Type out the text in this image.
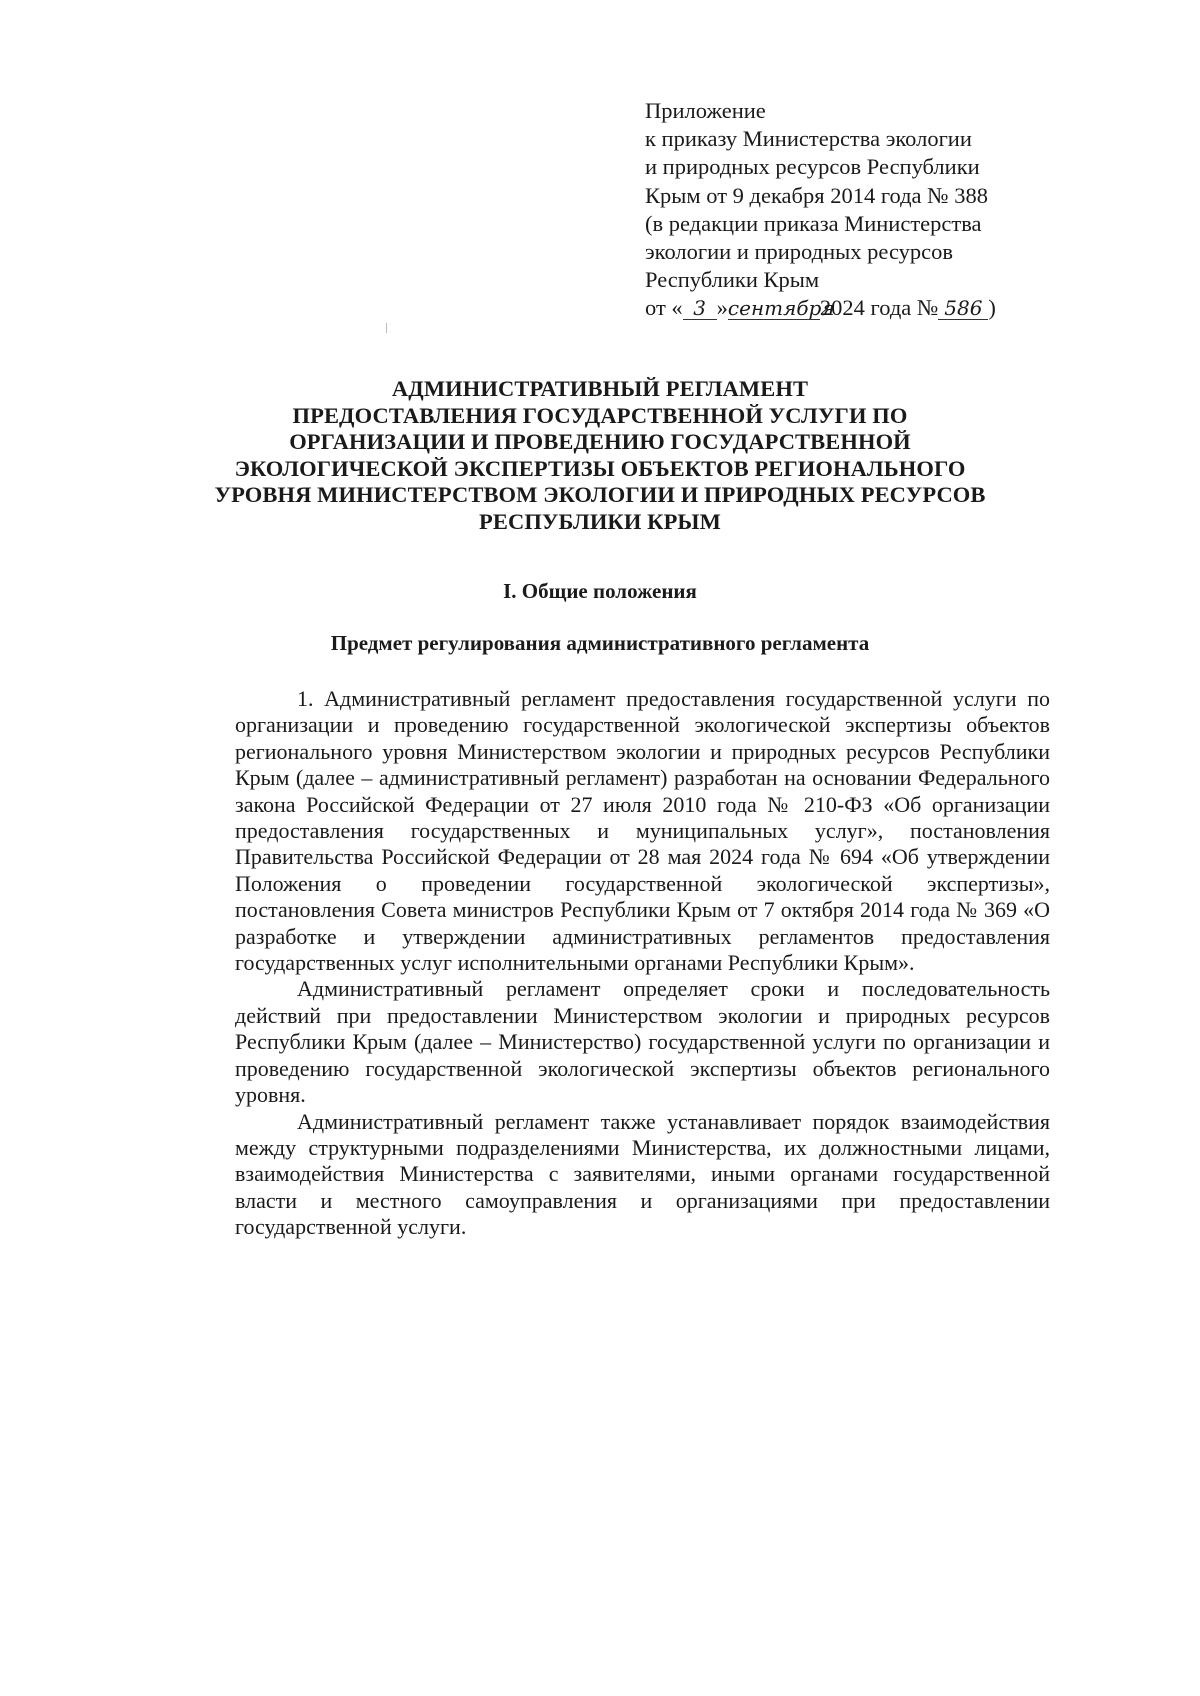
Приложение
к приказу Министерства экологии
и природных ресурсов Республики
Крым от 9 декабря 2014 года № 388
(в редакции приказа Министерства
экологии и природных ресурсов
Республики Крым
от « 3 »сентября2024 года № 586 )
АДМИНИСТРАТИВНЫЙ РЕГЛАМЕНТ
ПРЕДОСТАВЛЕНИЯ ГОСУДАРСТВЕННОЙ УСЛУГИ ПО
ОРГАНИЗАЦИИ И ПРОВЕДЕНИЮ ГОСУДАРСТВЕННОЙ
ЭКОЛОГИЧЕСКОЙ ЭКСПЕРТИЗЫ ОБЪЕКТОВ РЕГИОНАЛЬНОГО
УРОВНЯ МИНИСТЕРСТВОМ ЭКОЛОГИИ И ПРИРОДНЫХ РЕСУРСОВ
РЕСПУБЛИКИ КРЫМ
I. Общие положения
Предмет регулирования административного регламента

1. Административный регламент предоставления государственной услуги по организации и проведению государственной экологической экспертизы объектов регионального уровня Министерством экологии и природных ресурсов Республики Крым (далее – административный регламент) разработан на основании Федерального закона Российской Федерации от 27 июля 2010 года № 210-ФЗ «Об организации предоставления государственных и муниципальных услуг», постановления Правительства Российской Федерации от 28 мая 2024 года № 694 «Об утверждении Положения о проведении государственной экологической экспертизы», постановления Совета министров Республики Крым от 7 октября 2014 года № 369 «О разработке и утверждении административных регламентов предоставления государственных услуг исполнительными органами Республики Крым».

Административный регламент определяет сроки и последовательность действий при предоставлении Министерством экологии и природных ресурсов Республики Крым (далее – Министерство) государственной услуги по организации и проведению государственной экологической экспертизы объектов регионального уровня.

Административный регламент также устанавливает порядок взаимодействия между структурными подразделениями Министерства, их должностными лицами, взаимодействия Министерства с заявителями, иными органами государственной власти и местного самоуправления и организациями при предоставлении государственной услуги.
